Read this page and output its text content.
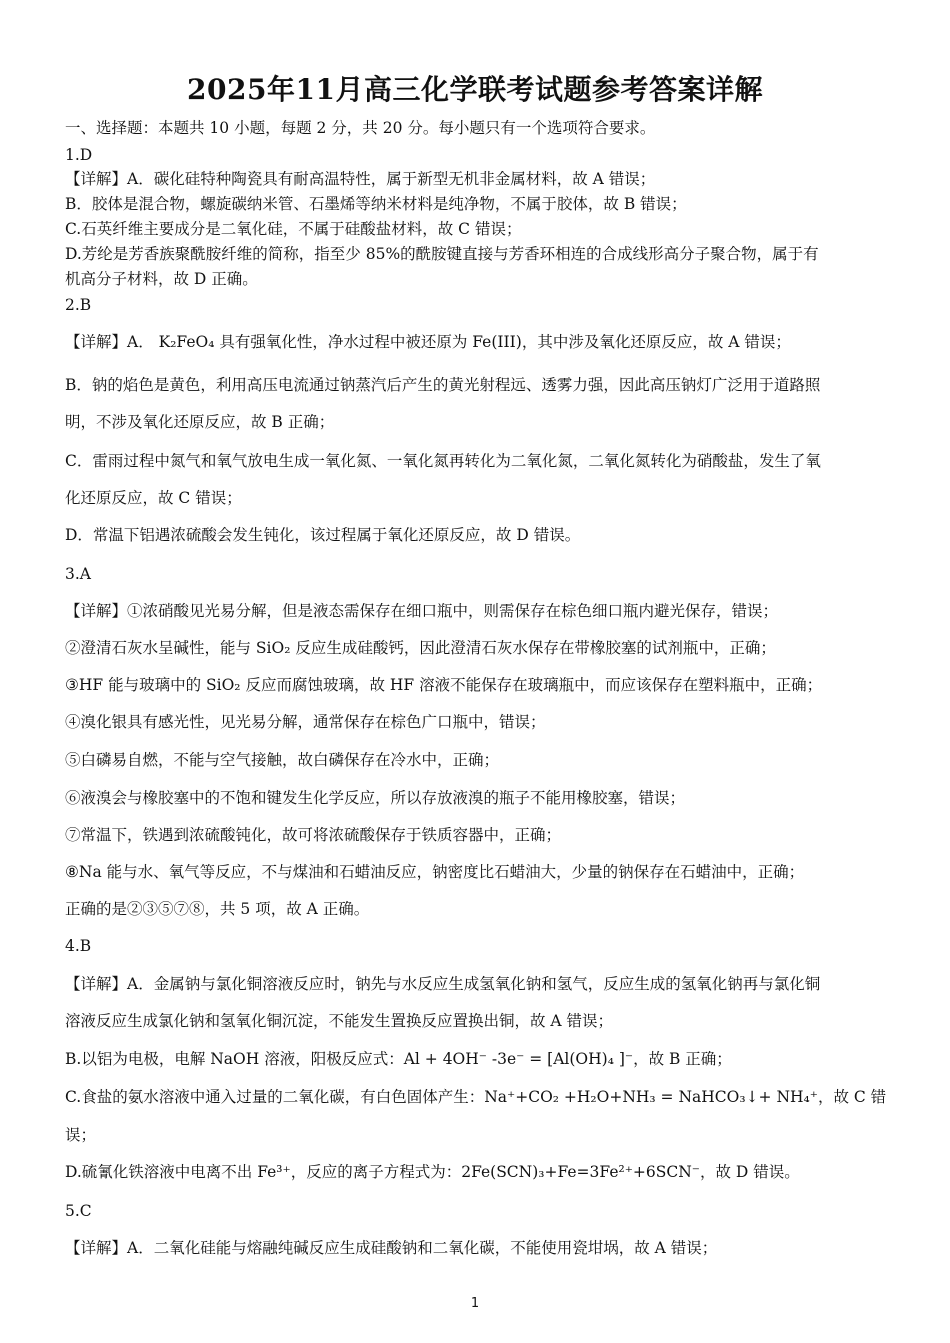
2025年11月高三化学联考试题参考答案详解
一、选择题：本题共 10 小题，每题 2 分，共 20 分。每小题只有一个选项符合要求。
1.D
【详解】A．碳化硅特种陶瓷具有耐高温特性，属于新型无机非金属材料，故 A 错误；
B．胶体是混合物，螺旋碳纳米管、石墨烯等纳米材料是纯净物，不属于胶体，故 B 错误；
C.石英纤维主要成分是二氧化硅，不属于硅酸盐材料，故 C 错误；
D.芳纶是芳香族聚酰胺纤维的简称，指至少 85%的酰胺键直接与芳香环相连的合成线形高分子聚合物，属于有
机高分子材料，故 D 正确。
2.B
【详解】A． K₂FeO₄ 具有强氧化性，净水过程中被还原为 Fe(III)，其中涉及氧化还原反应，故 A 错误；
B．钠的焰色是黄色，利用高压电流通过钠蒸汽后产生的黄光射程远、透雾力强，因此高压钠灯广泛用于道路照
明，不涉及氧化还原反应，故 B 正确；
C．雷雨过程中氮气和氧气放电生成一氧化氮、一氧化氮再转化为二氧化氮，二氧化氮转化为硝酸盐，发生了氧
化还原反应，故 C 错误；
D．常温下铝遇浓硫酸会发生钝化，该过程属于氧化还原反应，故 D 错误。
3.A
【详解】①浓硝酸见光易分解，但是液态需保存在细口瓶中，则需保存在棕色细口瓶内避光保存，错误；
②澄清石灰水呈碱性，能与 SiO₂ 反应生成硅酸钙，因此澄清石灰水保存在带橡胶塞的试剂瓶中，正确；
③HF 能与玻璃中的 SiO₂ 反应而腐蚀玻璃，故 HF 溶液不能保存在玻璃瓶中，而应该保存在塑料瓶中，正确；
④溴化银具有感光性，见光易分解，通常保存在棕色广口瓶中，错误；
⑤白磷易自燃，不能与空气接触，故白磷保存在冷水中，正确；
⑥液溴会与橡胶塞中的不饱和键发生化学反应，所以存放液溴的瓶子不能用橡胶塞，错误；
⑦常温下，铁遇到浓硫酸钝化，故可将浓硫酸保存于铁质容器中，正确；
⑧Na 能与水、氧气等反应，不与煤油和石蜡油反应，钠密度比石蜡油大，少量的钠保存在石蜡油中，正确；
正确的是②③⑤⑦⑧，共 5 项，故 A 正确。
4.B
【详解】A．金属钠与氯化铜溶液反应时，钠先与水反应生成氢氧化钠和氢气，反应生成的氢氧化钠再与氯化铜
溶液反应生成氯化钠和氢氧化铜沉淀，不能发生置换反应置换出铜，故 A 错误；
B.以铝为电极，电解 NaOH 溶液，阳极反应式：Al + 4OH⁻ -3e⁻ = [Al(OH)₄ ]⁻，故 B 正确；
C.食盐的氨水溶液中通入过量的二氧化碳，有白色固体产生：Na⁺+CO₂ +H₂O+NH₃ = NaHCO₃↓+ NH₄⁺，故 C 错
误；
D.硫氰化铁溶液中电离不出 Fe³⁺，反应的离子方程式为：2Fe(SCN)₃+Fe=3Fe²⁺+6SCN⁻，故 D 错误。
5.C
【详解】A．二氧化硅能与熔融纯碱反应生成硅酸钠和二氧化碳，不能使用瓷坩埚，故 A 错误；
1
